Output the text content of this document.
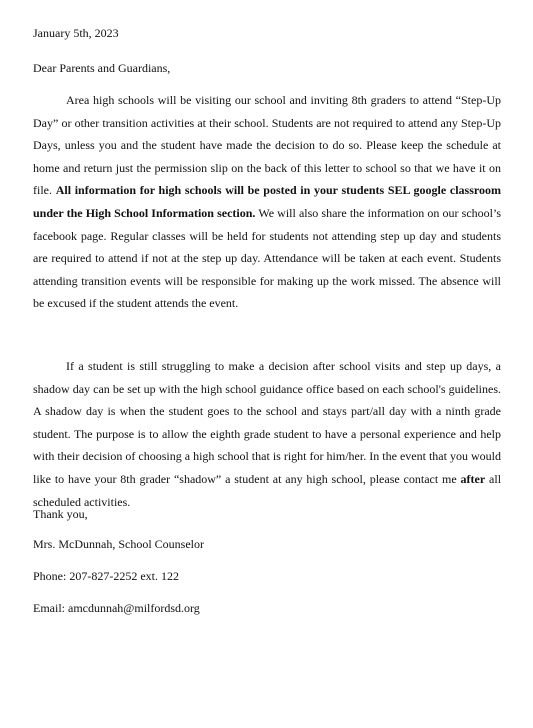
January 5th, 2023
Dear Parents and Guardians,

Area high schools will be visiting our school and inviting 8th graders to attend “Step-Up Day” or other transition activities at their school. Students are not required to attend any Step-Up Days, unless you and the student have made the decision to do so. Please keep the schedule at home and return just the permission slip on the back of this letter to school so that we have it on file. All information for high schools will be posted in your students SEL google classroom under the High School Information section. We will also share the information on our school’s facebook page. Regular classes will be held for students not attending step up day and students are required to attend if not at the step up day. Attendance will be taken at each event. Students attending transition events will be responsible for making up the work missed. The absence will be excused if the student attends the event.

If a student is still struggling to make a decision after school visits and step up days, a shadow day can be set up with the high school guidance office based on each school's guidelines. A shadow day is when the student goes to the school and stays part/all day with a ninth grade student. The purpose is to allow the eighth grade student to have a personal experience and help with their decision of choosing a high school that is right for him/her. In the event that you would like to have your 8th grader “shadow” a student at any high school, please contact me after all scheduled activities.

Thank you,
Mrs. McDunnah, School Counselor
Phone: 207-827-2252 ext. 122
Email: amcdunnah@milfordsd.org
